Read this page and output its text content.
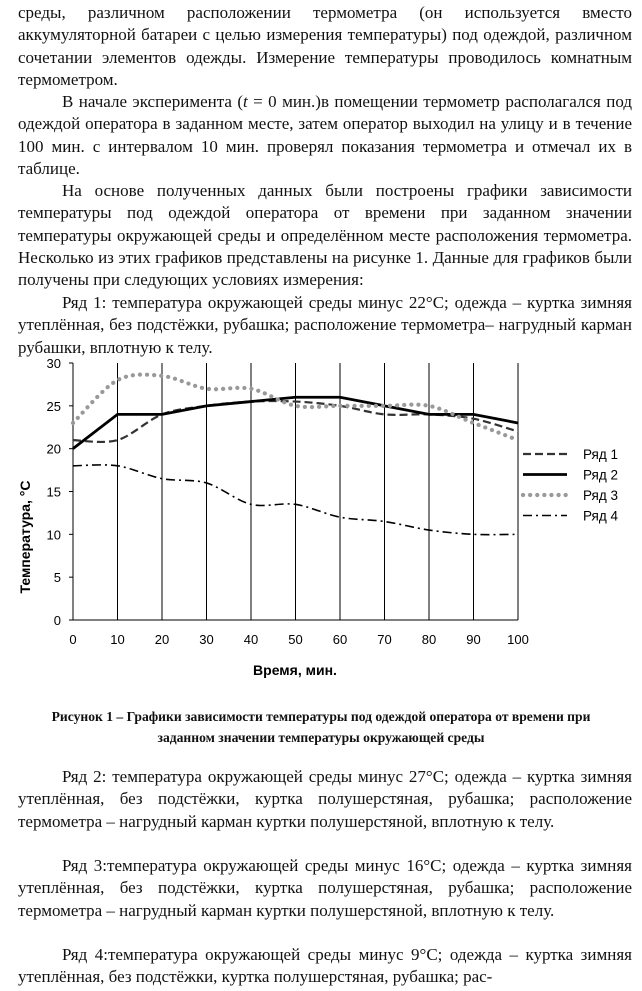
среды, различном расположении термометра (он используется вместо аккумуляторной батареи с целью измерения температуры) под одеждой, различном сочетании элементов одежды. Измерение температуры проводилось комнатным термометром.

В начале эксперимента (t = 0 мин.)в помещении термометр располагался под одеждой оператора в заданном месте, затем оператор выходил на улицу и в течение 100 мин. с интервалом 10 мин. проверял показания термометра и отмечал их в таблице.

На основе полученных данных были построены графики зависимости температуры под одеждой оператора от времени при заданном значении температуры окружающей среды и определённом месте расположения термометра. Несколько из этих графиков представлены на рисунке 1. Данные для графиков были получены при следующих условиях измерения:

Ряд 1: температура окружающей среды минус 22°C; одежда – куртка зимняя утеплённая, без подстёжки, рубашка; расположение термометра– нагрудный карман рубашки, вплотную к телу.

0
5
10
15
20
25
30
0	10 20 30 40 50 60 70 80 90 100
Ряд 1
Ряд 2
Ряд 3
Ряд 4
Время, мин.
Температура, °C
Рисунок 1 – Графики зависимости температуры под одеждой оператора от времени при
заданном значении температуры окружающей среды

Ряд 2: температура окружающей среды минус 27°C; одежда – куртка зимняя утеплённая, без подстёжки, куртка полушерстяная, рубашка; расположение термометра – нагрудный карман куртки полушерстяной, вплотную к телу.

Ряд 3:температура окружающей среды минус 16°C; одежда – куртка зимняя утеплённая, без подстёжки, куртка полушерстяная, рубашка; расположение термометра – нагрудный карман куртки полушерстяной, вплотную к телу.

Ряд 4:температура окружающей среды минус 9°C; одежда – куртка зимняя утеплённая, без подстёжки, куртка полушерстяная, рубашка; рас-
